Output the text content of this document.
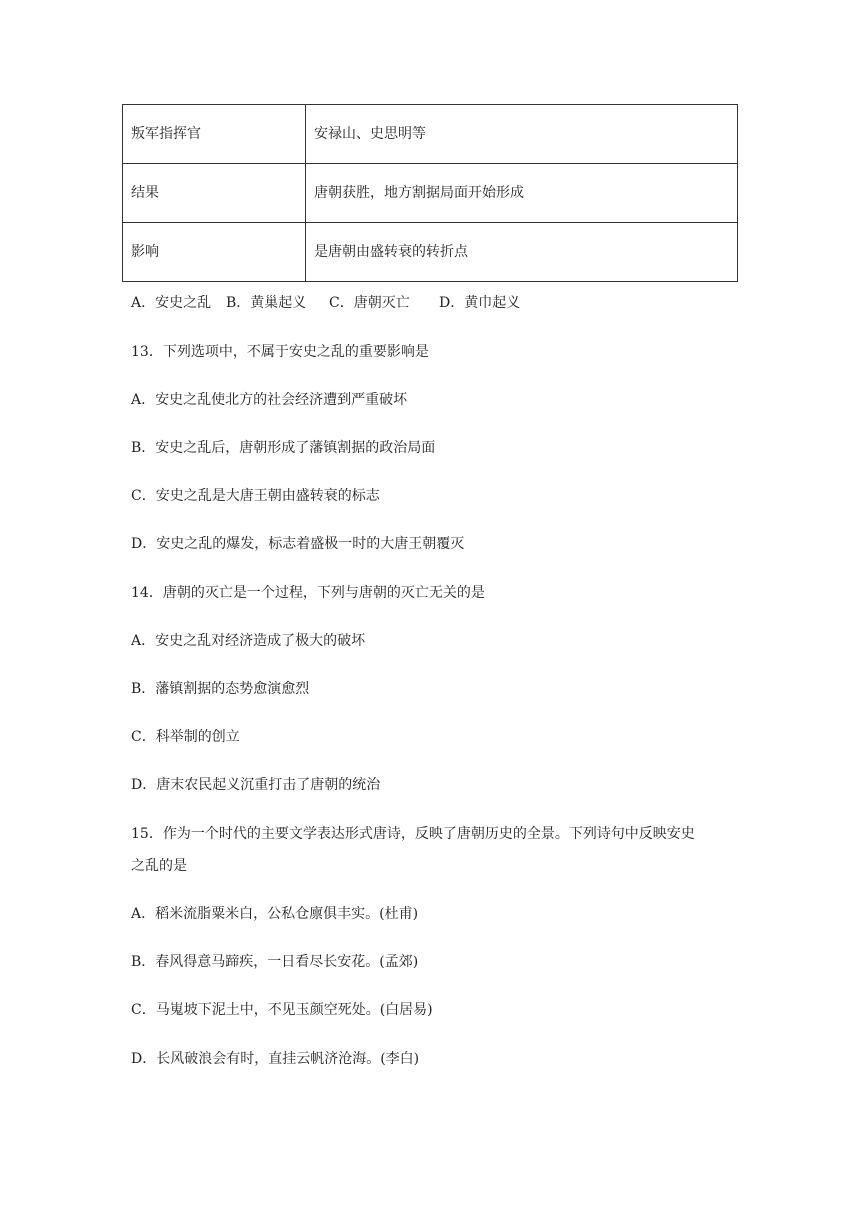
叛军指挥官	安禄山、史思明等
结果	唐朝获胜，地方割据局面开始形成
影响	是唐朝由盛转衰的转折点
A．安史之乱 B．黄巢起义 C．唐朝灭亡 D．黄巾起义
13．下列选项中，不属于安史之乱的重要影响是
A．安史之乱使北方的社会经济遭到严重破坏
B．安史之乱后，唐朝形成了藩镇割据的政治局面
C．安史之乱是大唐王朝由盛转衰的标志
D．安史之乱的爆发，标志着盛极一时的大唐王朝覆灭
14．唐朝的灭亡是一个过程，下列与唐朝的灭亡无关的是
A．安史之乱对经济造成了极大的破坏
B．藩镇割据的态势愈演愈烈
C．科举制的创立
D．唐末农民起义沉重打击了唐朝的统治
15．作为一个时代的主要文学表达形式唐诗，反映了唐朝历史的全景。下列诗句中反映安史
之乱的是
A．稻米流脂粟米白，公私仓廪俱丰实。(杜甫)
B．春风得意马蹄疾，一日看尽长安花。(孟郊)
C．马嵬坡下泥土中，不见玉颜空死处。(白居易)
D．长风破浪会有时，直挂云帆济沧海。(李白)
